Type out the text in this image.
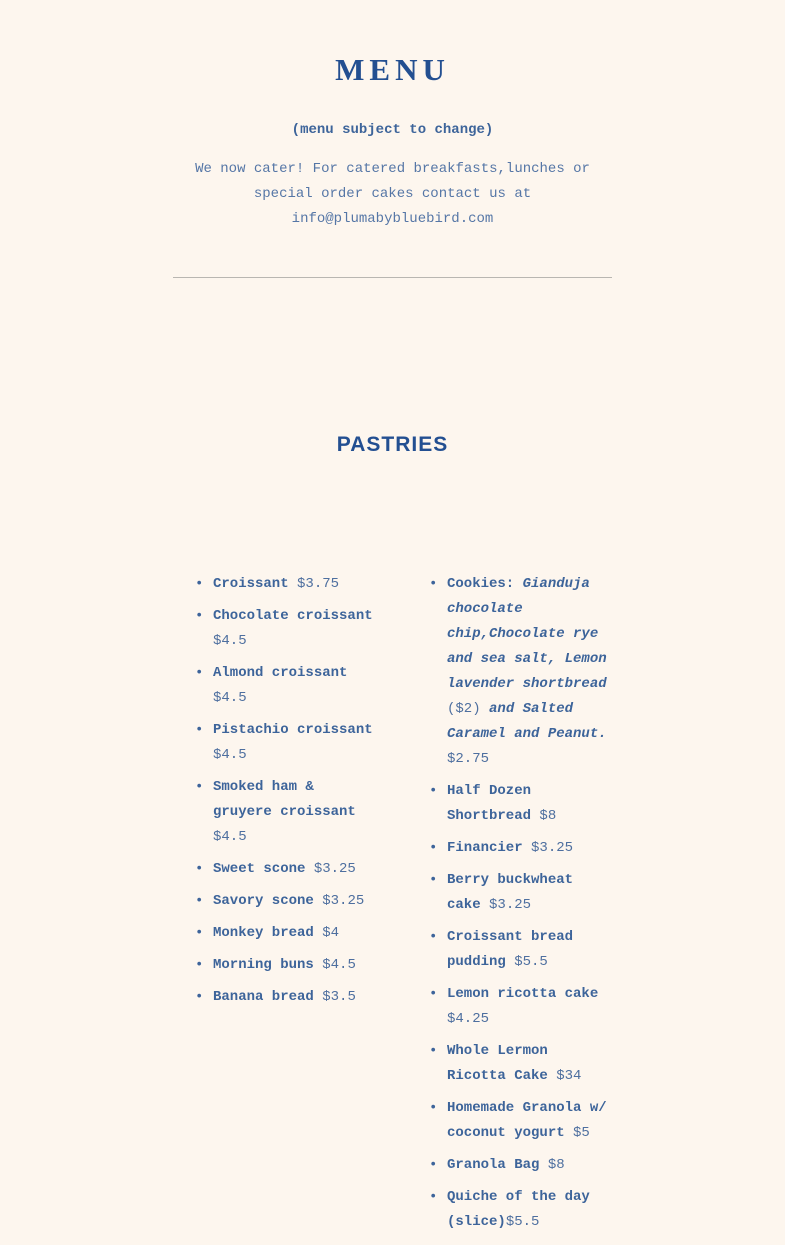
MENU

(menu subject to change)

We now cater! For catered breakfasts,lunches or special order cakes contact us at info@plumabybluebird.com

PASTRIES
• Croissant $3.75
• Chocolate croissant $4.5
• Almond croissant $4.5
• Pistachio croissant $4.5
• Smoked ham & gruyere croissant $4.5
• Sweet scone $3.25
• Savory scone $3.25
• Monkey bread $4
• Morning buns $4.5
• Banana bread $3.5
• Cookies: Gianduja chocolate chip,Chocolate rye and sea salt, Lemon lavender shortbread ($2) and Salted Caramel and Peanut. $2.75
• Half Dozen Shortbread $8
• Financier $3.25
• Berry buckwheat cake $3.25
• Croissant bread pudding $5.5
• Lemon ricotta cake $4.25
• Whole Lermon Ricotta Cake $34
• Homemade Granola w/ coconut yogurt $5
• Granola Bag $8
• Quiche of the day (slice)$5.5
